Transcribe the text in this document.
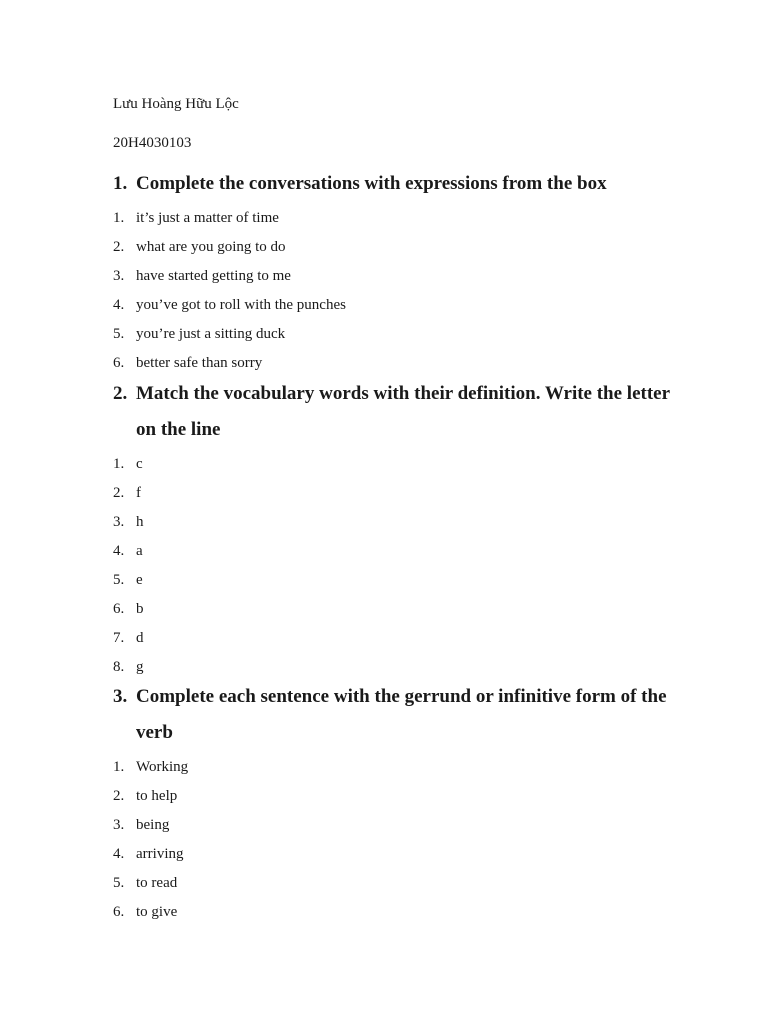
Lưu Hoàng Hữu Lộc
20H4030103
1. Complete the conversations with expressions from the box
1. it’s just a matter of time
2. what are you going to do
3. have started getting to me
4. you’ve got to roll with the punches
5. you’re just a sitting duck
6. better safe than sorry
2. Match the vocabulary words with their definition. Write the letter on the line
1. c
2. f
3. h
4. a
5. e
6. b
7. d
8. g
3. Complete each sentence with the gerrund or infinitive form of the verb
1. Working
2. to help
3. being
4. arriving
5. to read
6. to give
